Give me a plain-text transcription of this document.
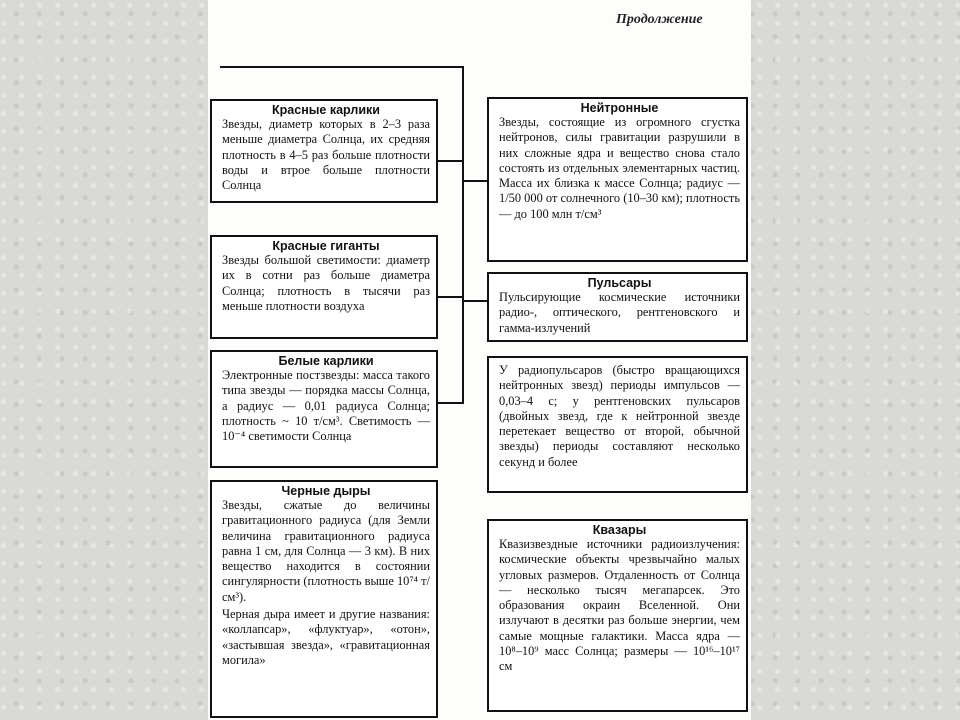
Продолжение
Красные карлики

Звезды, диаметр которых в 2–3 раза меньше диаметра Солнца, их средняя плотность в 4–5 раз больше плотности воды и втрое больше плотности Солнца

Красные гиганты

Звезды большой светимости: диаметр их в сотни раз больше диаметра Солнца; плотность в тысячи раз меньше плотности воздуха

Белые карлики

Электронные постзвезды: масса такого типа звезды — порядка массы Солнца, а радиус — 0,01 радиуса Солнца; плотность ~ 10 т/см³. Светимость — 10⁻⁴ светимости Солнца

Черные дыры

Звезды, сжатые до величины гравитационного радиуса (для Земли величина гравитационного радиуса равна 1 см, для Солнца — 3 км). В них вещество находится в состоянии сингулярности (плотность выше 10⁷⁴ т/см³).

Черная дыра имеет и другие названия: «коллапсар», «флуктуар», «отон», «застывшая звезда», «гравитационная могила»

Нейтронные

Звезды, состоящие из огромного сгустка нейтронов, силы гравитации разрушили в них сложные ядра и вещество снова стало состоять из отдельных элементарных частиц. Масса их близка к массе Солнца; радиус — 1/50 000 от солнечного (10–30 км); плотность — до 100 млн т/см³

Пульсары

Пульсирующие космические источники радио-, оптического, рентгеновского и гамма-излучений

У радиопульсаров (быстро вращающихся нейтронных звезд) периоды импульсов — 0,03–4 с; у рентгеновских пульсаров (двойных звезд, где к нейтронной звезде перетекает вещество от второй, обычной звезды) периоды составляют несколько секунд и более

Квазары

Квазизвездные источники радиоизлучения: космические объекты чрезвычайно малых угловых размеров. Отдаленность от Солнца — несколько тысяч мегапарсек. Это образования окраин Вселенной. Они излучают в десятки раз больше энергии, чем самые мощные галактики. Масса ядра — 10⁸–10⁹ масс Солнца; размеры — 10¹⁶–10¹⁷ см
